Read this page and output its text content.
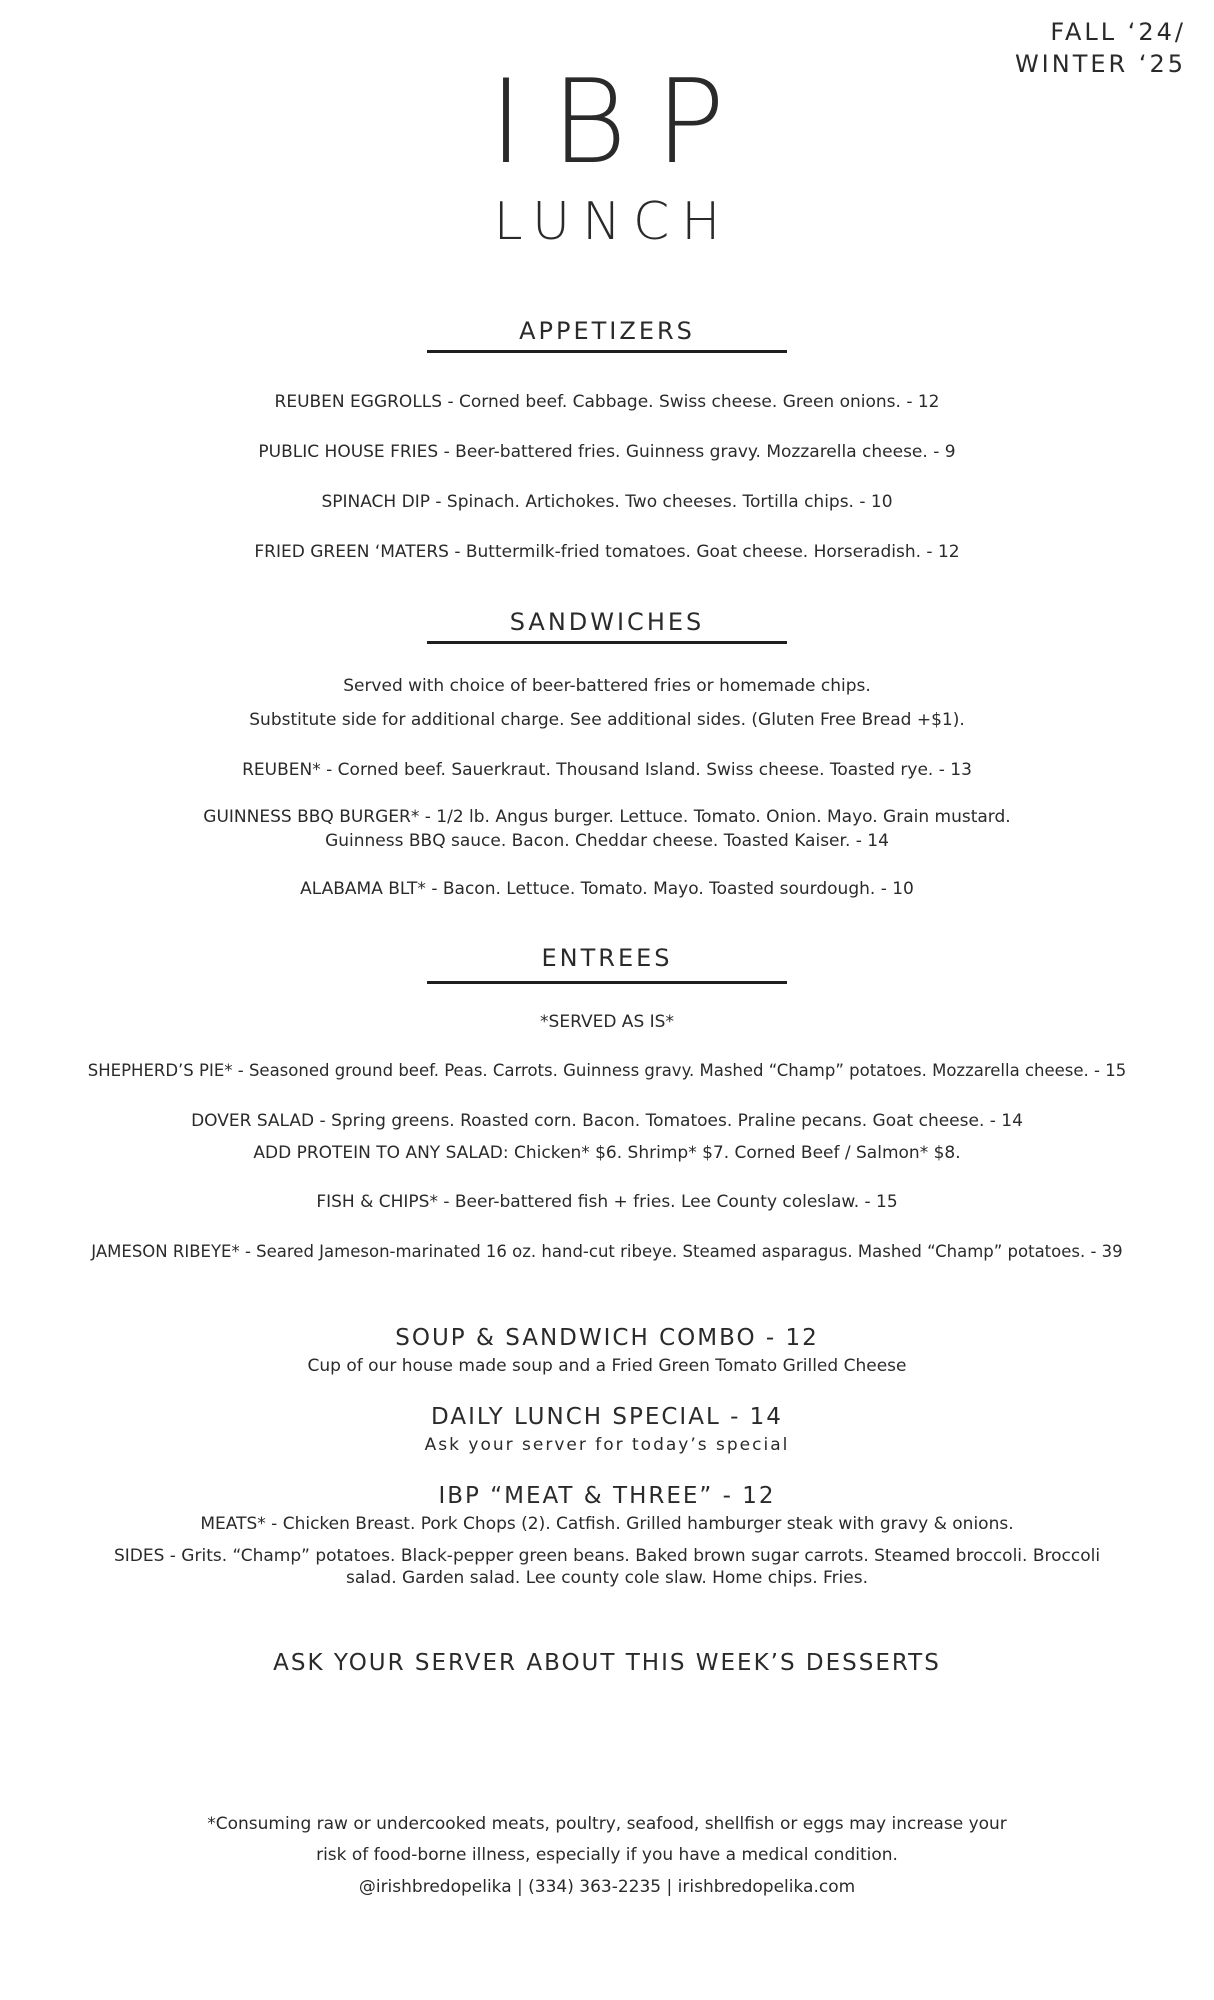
FALL ‘24/
WINTER ‘25
IBP
LUNCH
APPETIZERS
REUBEN EGGROLLS - Corned beef. Cabbage. Swiss cheese. Green onions. - 12
PUBLIC HOUSE FRIES - Beer-battered fries. Guinness gravy. Mozzarella cheese. - 9
SPINACH DIP - Spinach. Artichokes. Two cheeses. Tortilla chips. - 10
FRIED GREEN ‘MATERS - Buttermilk-fried tomatoes. Goat cheese. Horseradish. - 12
SANDWICHES
Served with choice of beer-battered fries or homemade chips.
Substitute side for additional charge. See additional sides. (Gluten Free Bread +$1).
REUBEN* - Corned beef. Sauerkraut. Thousand Island. Swiss cheese. Toasted rye. - 13
GUINNESS BBQ BURGER* - 1/2 lb. Angus burger. Lettuce. Tomato. Onion. Mayo. Grain mustard.
Guinness BBQ sauce. Bacon. Cheddar cheese. Toasted Kaiser. - 14
ALABAMA BLT* - Bacon. Lettuce. Tomato. Mayo. Toasted sourdough. - 10
ENTREES
*SERVED AS IS*
SHEPHERD’S PIE* - Seasoned ground beef. Peas. Carrots. Guinness gravy. Mashed “Champ” potatoes. Mozzarella cheese. - 15
DOVER SALAD - Spring greens. Roasted corn. Bacon. Tomatoes. Praline pecans. Goat cheese. - 14
ADD PROTEIN TO ANY SALAD: Chicken* $6. Shrimp* $7. Corned Beef / Salmon* $8.
FISH & CHIPS* - Beer-battered fish + fries. Lee County coleslaw. - 15
JAMESON RIBEYE* - Seared Jameson-marinated 16 oz. hand-cut ribeye. Steamed asparagus. Mashed “Champ” potatoes. - 39
SOUP & SANDWICH COMBO - 12
Cup of our house made soup and a Fried Green Tomato Grilled Cheese
DAILY LUNCH SPECIAL - 14
Ask your server for today’s special
IBP “MEAT & THREE” - 12
MEATS* - Chicken Breast. Pork Chops (2). Catfish. Grilled hamburger steak with gravy & onions.
SIDES - Grits. “Champ” potatoes. Black-pepper green beans. Baked brown sugar carrots. Steamed broccoli. Broccoli
salad. Garden salad. Lee county cole slaw. Home chips. Fries.
ASK YOUR SERVER ABOUT THIS WEEK’S DESSERTS
*Consuming raw or undercooked meats, poultry, seafood, shellfish or eggs may increase your
risk of food-borne illness, especially if you have a medical condition.
@irishbredopelika | (334) 363-2235 | irishbredopelika.com
